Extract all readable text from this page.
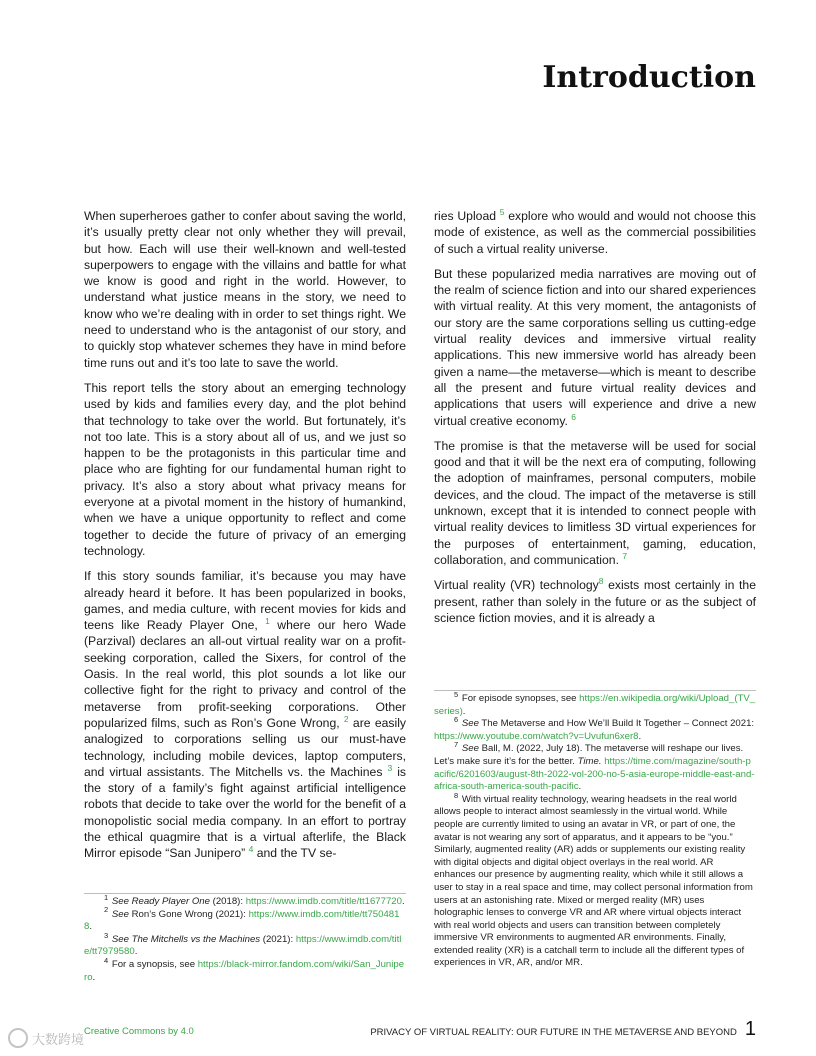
Introduction

When superheroes gather to confer about saving the world, it’s usually pretty clear not only whether they will prevail, but how. Each will use their well-known and well-tested superpowers to engage with the villains and battle for what we know is good and right in the world. However, to understand what justice means in the story, we need to know who we’re dealing with in order to set things right. We need to understand who is the antagonist of our story, and to quickly stop whatever schemes they have in mind before time runs out and it’s too late to save the world.

This report tells the story about an emerging technology used by kids and families every day, and the plot behind that technology to take over the world. But fortunately, it’s not too late. This is a story about all of us, and we just so happen to be the protagonists in this particular time and place who are fighting for our fundamental human right to privacy. It’s also a story about what privacy means for everyone at a pivotal moment in the history of humankind, when we have a unique opportunity to reflect and come together to decide the future of privacy of an emerging technology.

If this story sounds familiar, it’s because you may have already heard it before. It has been popularized in books, games, and media culture, with recent movies for kids and teens like Ready Player One, $^1$ where our hero Wade (Parzival) declares an all-out virtual reality war on a profit-seeking corporation, called the Sixers, for control of the Oasis. In the real world, this plot sounds a lot like our collective fight for the right to privacy and control of the metaverse from profit-seeking corporations. Other popularized films, such as Ron’s Gone Wrong, $^2$ are easily analogized to corporations selling us our must-have technology, including mobile devices, laptop computers, and virtual assistants. The Mitchells vs. the Machines $^3$ is the story of a family’s fight against artificial intelligence robots that decide to take over the world for the benefit of a monopolistic social media company. In an effort to portray the ethical quagmire that is a virtual afterlife, the Black Mirror episode “San Junipero” $^4$ and the TV se-

ries Upload $^5$ explore who would and would not choose this mode of existence, as well as the commercial possibilities of such a virtual reality universe.

But these popularized media narratives are moving out of the realm of science fiction and into our shared experiences with virtual reality. At this very moment, the antagonists of our story are the same corporations selling us cutting-edge virtual reality devices and immersive virtual reality applications. This new immersive world has already been given a name—the metaverse—which is meant to describe all the present and future virtual reality devices and applications that users will experience and drive a new virtual creative economy. $^6$

The promise is that the metaverse will be used for social good and that it will be the next era of computing, following the adoption of mainframes, personal computers, mobile devices, and the cloud. The impact of the metaverse is still unknown, except that it is intended to connect people with virtual reality devices to limitless 3D virtual experiences for the purposes of entertainment, gaming, education, collaboration, and communication. $^7$

Virtual reality (VR) technology$^8$ exists most certainly in the present, rather than solely in the future or as the subject of science fiction movies, and it is already a

$^5$ For episode synopses, see https://en.wikipedia.org/wiki/Upload_(TV_series).

$^6$ See The Metaverse and How We’ll Build It Together – Connect 2021: https://www.youtube.com/watch?v=Uvufun6xer8.

$^7$ See Ball, M. (2022, July 18). The metaverse will reshape our lives. Let’s make sure it’s for the better. Time. https://time.com/magazine/south-pacific/6201603/august-8th-2022-vol-200-no-5-asia-europe-middle-east-and-africa-south-america-south-pacific.

$^8$ With virtual reality technology, wearing headsets in the real world allows people to interact almost seamlessly in the virtual world. While people are currently limited to using an avatar in VR, or part of one, the avatar is not wearing any sort of apparatus, and it appears to be “you.” Similarly, augmented reality (AR) adds or supplements our existing reality with digital objects and digital object overlays in the real world. AR enhances our presence by augmenting reality, which while it still allows a user to stay in a real space and time, may collect personal information from users at an astonishing rate. Mixed or merged reality (MR) uses holographic lenses to converge VR and AR where virtual objects interact with real world objects and users can transition between completely immersive VR environments to augmented AR environments. Finally, extended reality (XR) is a catchall term to include all the different types of experiences in VR, AR, and/or MR.

$^1$ See Ready Player One (2018): https://www.imdb.com/title/tt1677720.

$^2$ See Ron’s Gone Wrong (2021): https://www.imdb.com/title/tt7504818.

$^3$ See The Mitchells vs the Machines (2021): https://www.imdb.com/title/tt7979580.

$^4$ For a synopsis, see https://black-mirror.fandom.com/wiki/San_Junipero.

Creative Commons by 4.0	PRIVACY OF VIRTUAL REALITY: OUR FUTURE IN THE METAVERSE AND BEYOND 1
大数跨境
